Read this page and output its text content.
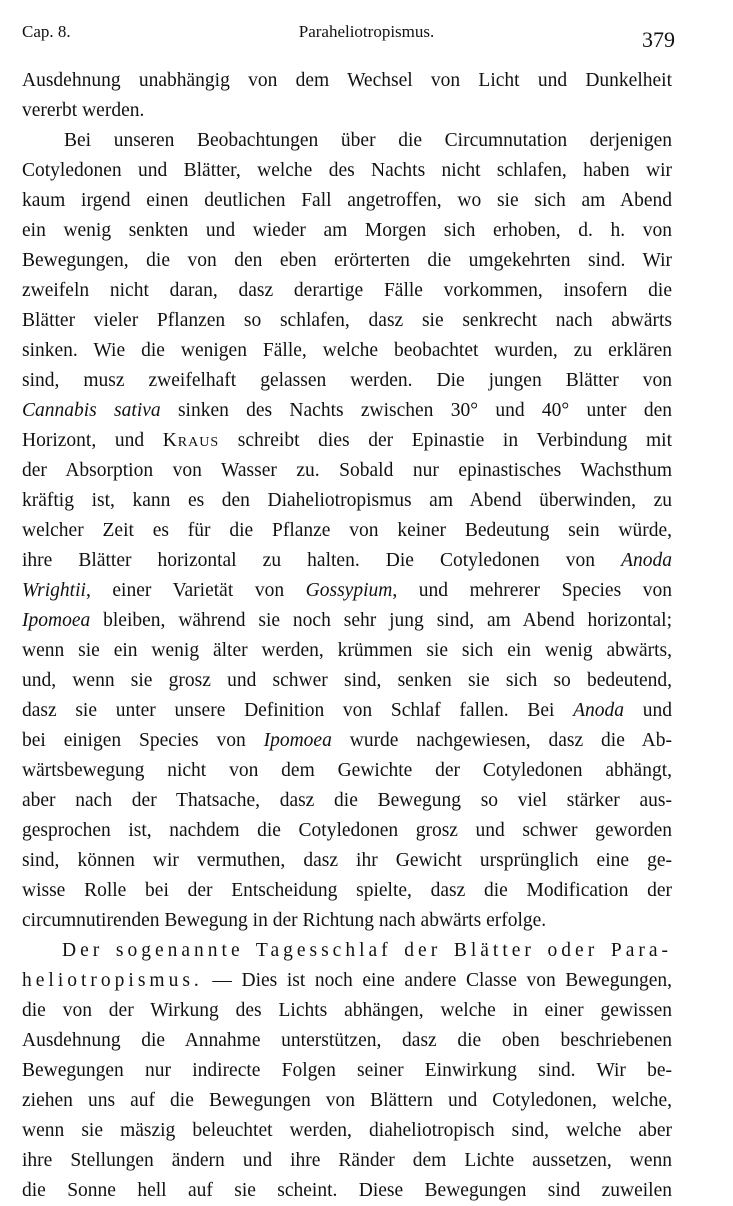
Cap. 8.	Paraheliotropismus.	379
Ausdehnung unabhängig von dem Wechsel von Licht und Dunkelheit
vererbt werden.
Bei unseren Beobachtungen über die Circumnutation derjenigen
Cotyledonen und Blätter, welche des Nachts nicht schlafen, haben wir
kaum irgend einen deutlichen Fall angetroffen, wo sie sich am Abend
ein wenig senkten und wieder am Morgen sich erhoben, d. h. von
Bewegungen, die von den eben erörterten die umgekehrten sind. Wir
zweifeln nicht daran, dasz derartige Fälle vorkommen, insofern die
Blätter vieler Pflanzen so schlafen, dasz sie senkrecht nach abwärts
sinken. Wie die wenigen Fälle, welche beobachtet wurden, zu erklären
sind, musz zweifelhaft gelassen werden. Die jungen Blätter von
Cannabis sativa sinken des Nachts zwischen 30° und 40° unter den
Horizont, und Kraus schreibt dies der Epinastie in Verbindung mit
der Absorption von Wasser zu. Sobald nur epinastisches Wachsthum
kräftig ist, kann es den Diaheliotropismus am Abend überwinden, zu
welcher Zeit es für die Pflanze von keiner Bedeutung sein würde,
ihre Blätter horizontal zu halten. Die Cotyledonen von Anoda
Wrightii, einer Varietät von Gossypium, und mehrerer Species von
Ipomoea bleiben, während sie noch sehr jung sind, am Abend horizontal;
wenn sie ein wenig älter werden, krümmen sie sich ein wenig abwärts,
und, wenn sie grosz und schwer sind, senken sie sich so bedeutend,
dasz sie unter unsere Definition von Schlaf fallen. Bei Anoda und
bei einigen Species von Ipomoea wurde nachgewiesen, dasz die Ab-
wärtsbewegung nicht von dem Gewichte der Cotyledonen abhängt,
aber nach der Thatsache, dasz die Bewegung so viel stärker aus-
gesprochen ist, nachdem die Cotyledonen grosz und schwer geworden
sind, können wir vermuthen, dasz ihr Gewicht ursprünglich eine ge-
wisse Rolle bei der Entscheidung spielte, dasz die Modification der
circumnutirenden Bewegung in der Richtung nach abwärts erfolge.
Der sogenannte Tagesschlaf der Blätter oder Para-
heliotropismus. — Dies ist noch eine andere Classe von Bewegungen,
die von der Wirkung des Lichts abhängen, welche in einer gewissen
Ausdehnung die Annahme unterstützen, dasz die oben beschriebenen
Bewegungen nur indirecte Folgen seiner Einwirkung sind. Wir be-
ziehen uns auf die Bewegungen von Blättern und Cotyledonen, welche,
wenn sie mäszig beleuchtet werden, diaheliotropisch sind, welche aber
ihre Stellungen ändern und ihre Ränder dem Lichte aussetzen, wenn
die Sonne hell auf sie scheint. Diese Bewegungen sind zuweilen
